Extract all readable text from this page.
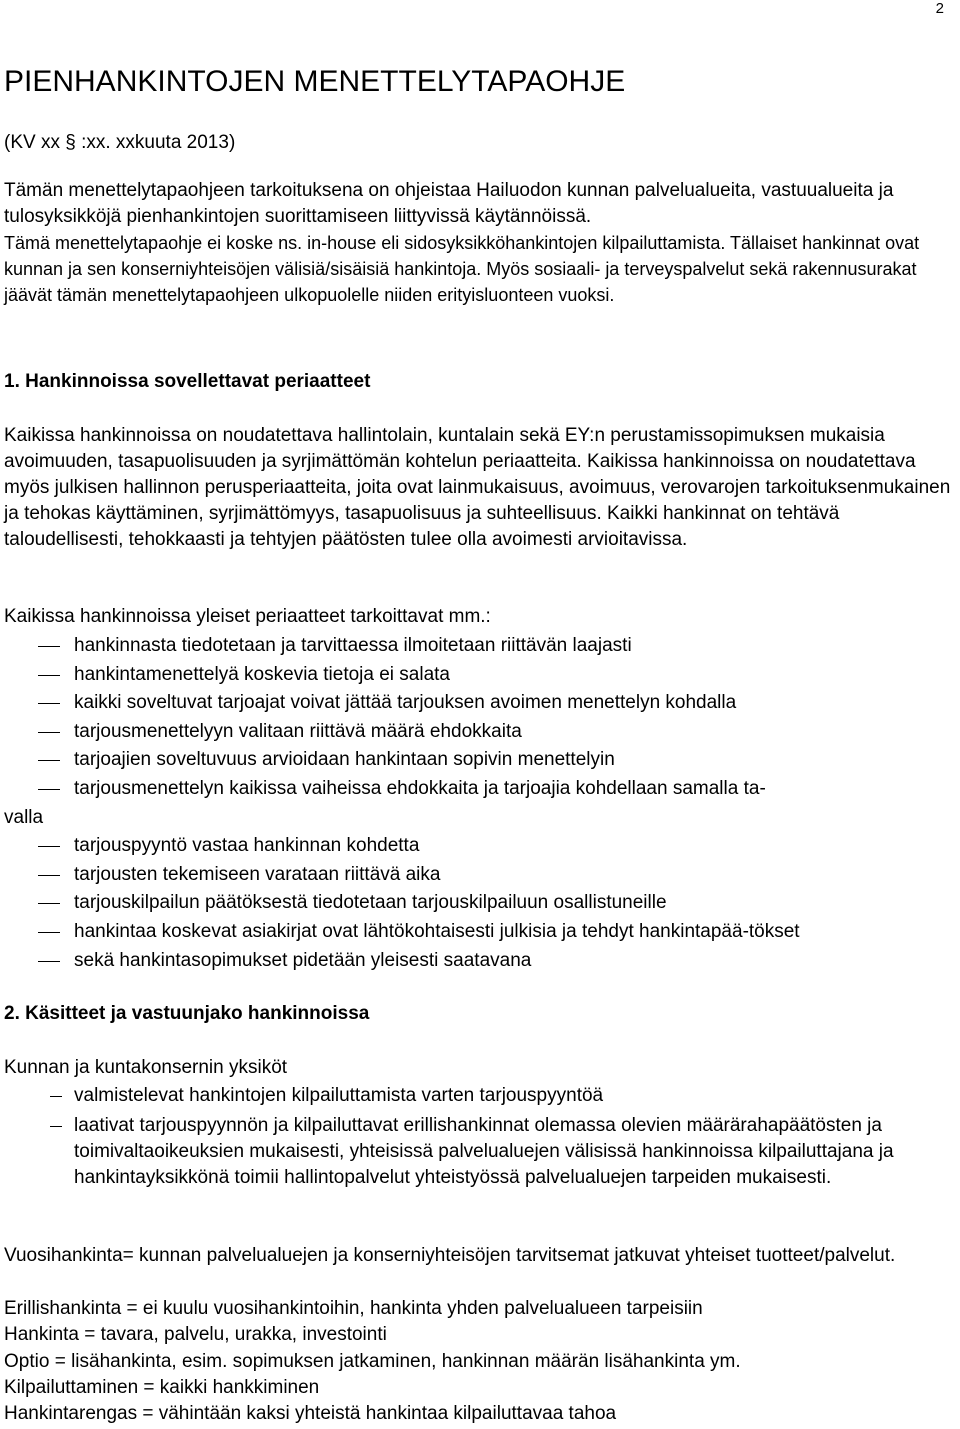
2
PIENHANKINTOJEN MENETTELYTAPAOHJE
(KV xx § :xx. xxkuuta 2013)
Tämän menettelytapaohjeen tarkoituksena on ohjeistaa Hailuodon kunnan palvelualueita, vastuualueita ja tulosyksikköjä pienhankintojen suorittamiseen liittyvissä käytännöissä.
Tämä menettelytapaohje ei koske ns. in-house eli sidosyksikköhankintojen kilpailuttamista. Tällaiset hankinnat ovat kunnan ja sen konserniyhteisöjen välisiä/sisäisiä hankintoja. Myös sosiaali- ja terveyspalvelut sekä rakennusurakat jäävät tämän menettelytapaohjeen ulkopuolelle niiden erityisluonteen vuoksi.
1. Hankinnoissa sovellettavat periaatteet
Kaikissa hankinnoissa on noudatettava hallintolain, kuntalain sekä EY:n perustamissopimuksen mukaisia avoimuuden, tasapuolisuuden ja syrjimättömän kohtelun periaatteita. Kaikissa hankinnoissa on noudatettava myös julkisen hallinnon perusperiaatteita, joita ovat lainmukaisuus, avoimuus, verovarojen tarkoituksenmukainen ja tehokas käyttäminen, syrjimättömyys, tasapuolisuus ja suhteellisuus. Kaikki hankinnat on tehtävä taloudellisesti, tehokkaasti ja tehtyjen päätösten tulee olla avoimesti arvioitavissa.
Kaikissa hankinnoissa yleiset periaatteet tarkoittavat mm.:
hankinnasta tiedotetaan ja tarvittaessa ilmoitetaan riittävän laajasti
hankintamenettelyä koskevia tietoja ei salata
kaikki soveltuvat tarjoajat voivat jättää tarjouksen avoimen menettelyn kohdalla
tarjousmenettelyyn valitaan riittävä määrä ehdokkaita
tarjoajien soveltuvuus arvioidaan hankintaan sopivin menettelyin
tarjousmenettelyn kaikissa vaiheissa ehdokkaita ja tarjoajia kohdellaan samalla ta-
valla
tarjouspyyntö vastaa hankinnan kohdetta
tarjousten tekemiseen varataan riittävä aika
tarjouskilpailun päätöksestä tiedotetaan tarjouskilpailuun osallistuneille
hankintaa koskevat asiakirjat ovat lähtökohtaisesti julkisia ja tehdyt hankintapää-tökset
sekä hankintasopimukset pidetään yleisesti saatavana
2. Käsitteet ja vastuunjako hankinnoissa
Kunnan ja kuntakonsernin yksiköt
valmistelevat hankintojen kilpailuttamista varten tarjouspyyntöä
laativat tarjouspyynnön ja kilpailuttavat erillishankinnat olemassa olevien määrärahapäätösten ja toimivaltaoikeuksien mukaisesti, yhteisissä palvelualuejen välisissä hankinnoissa kilpailuttajana ja hankintayksikkönä toimii hallintopalvelut yhteistyössä palvelualuejen tarpeiden mukaisesti.

Vuosihankinta= kunnan palvelualuejen ja konserniyhteisöjen tarvitsemat jatkuvat yhteiset tuotteet/palvelut.

Erillishankinta = ei kuulu vuosihankintoihin, hankinta yhden palvelualueen tarpeisiin

Hankinta = tavara, palvelu, urakka, investointi

Optio = lisähankinta, esim. sopimuksen jatkaminen, hankinnan määrän lisähankinta ym.

Kilpailuttaminen = kaikki hankkiminen

Hankintarengas = vähintään kaksi yhteistä hankintaa kilpailuttavaa tahoa
